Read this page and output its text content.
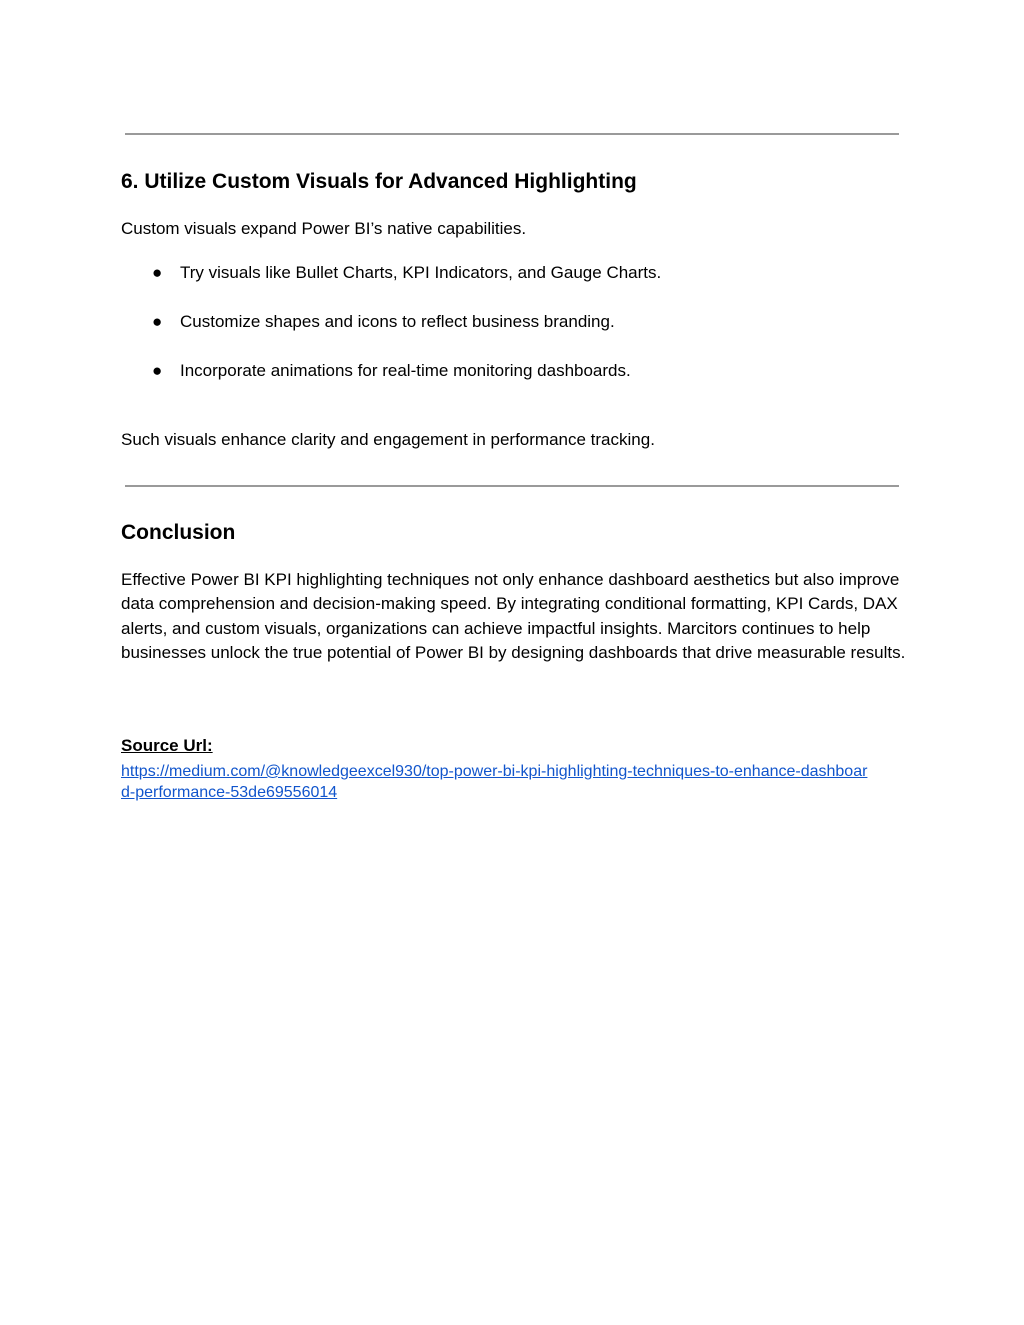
6. Utilize Custom Visuals for Advanced Highlighting
Custom visuals expand Power BI’s native capabilities.
● Try visuals like Bullet Charts, KPI Indicators, and Gauge Charts.
● Customize shapes and icons to reflect business branding.
● Incorporate animations for real-time monitoring dashboards.
Such visuals enhance clarity and engagement in performance tracking.
Conclusion
Effective Power BI KPI highlighting techniques not only enhance dashboard aesthetics but also improve data comprehension and decision-making speed. By integrating conditional formatting, KPI Cards, DAX alerts, and custom visuals, organizations can achieve impactful insights. Marcitors continues to help businesses unlock the true potential of Power BI by designing dashboards that drive measurable results.
Source Url:
https://medium.com/@knowledgeexcel930/top-power-bi-kpi-highlighting-techniques-to-enhance-dashboar
d-performance-53de69556014
